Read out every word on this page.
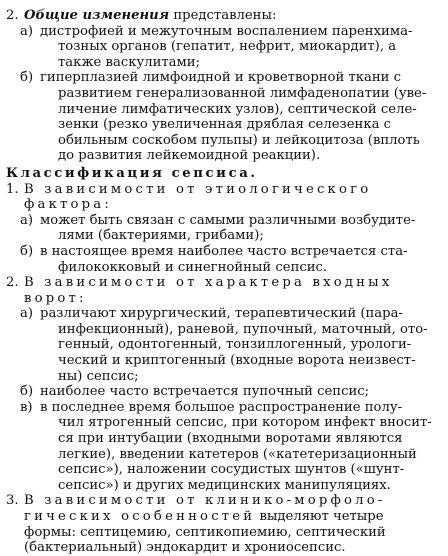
2. Общие изменения представлены:
а) дистрофией и межуточным воспалением паренхима-
тозных органов (гепатит, нефрит, миокардит), а
также васкулитами;
б) гиперплазией лимфоидной и кроветворной ткани с
развитием генерализованной лимфаденопатии (уве-
личение лимфатических узлов), септической селе-
зенки (резко увеличенная дряблая селезенка с
обильным соскобом пульпы) и лейкоцитоза (вплоть
до развития лейкемоидной реакции).
Классификация сепсиса.
1. В зависимости от этиологического
фактора:
а) может быть связан с самыми различными возбудите-
лями (бактериями, грибами);
б) в настоящее время наиболее часто встречается ста-
филококковый и синегнойный сепсис.
2. В зависимости от характера входных
ворот:
а) различают хирургический, терапевтический (пара-
инфекционный), раневой, пупочный, маточный, ото-
генный, одонтогенный, тонзиллогенный, урологи-
ческий и криптогенный (входные ворота неизвест-
ны) сепсис;
б) наиболее часто встречается пупочный сепсис;
в) в последнее время большое распространение полу-
чил ятрогенный сепсис, при котором инфект вносит-
ся при интубации (входными воротами являются
легкие), введении катетеров («катетеризационный
сепсис»), наложении сосудистых шунтов («шунт-
сепсис») и других медицинских манипуляциях.
3. В зависимости от клинико-морфоло-
гических особенностей выделяют четыре
формы: септицемию, септикопиемию, септический
(бактериальный) эндокардит и хрониосепсис.
